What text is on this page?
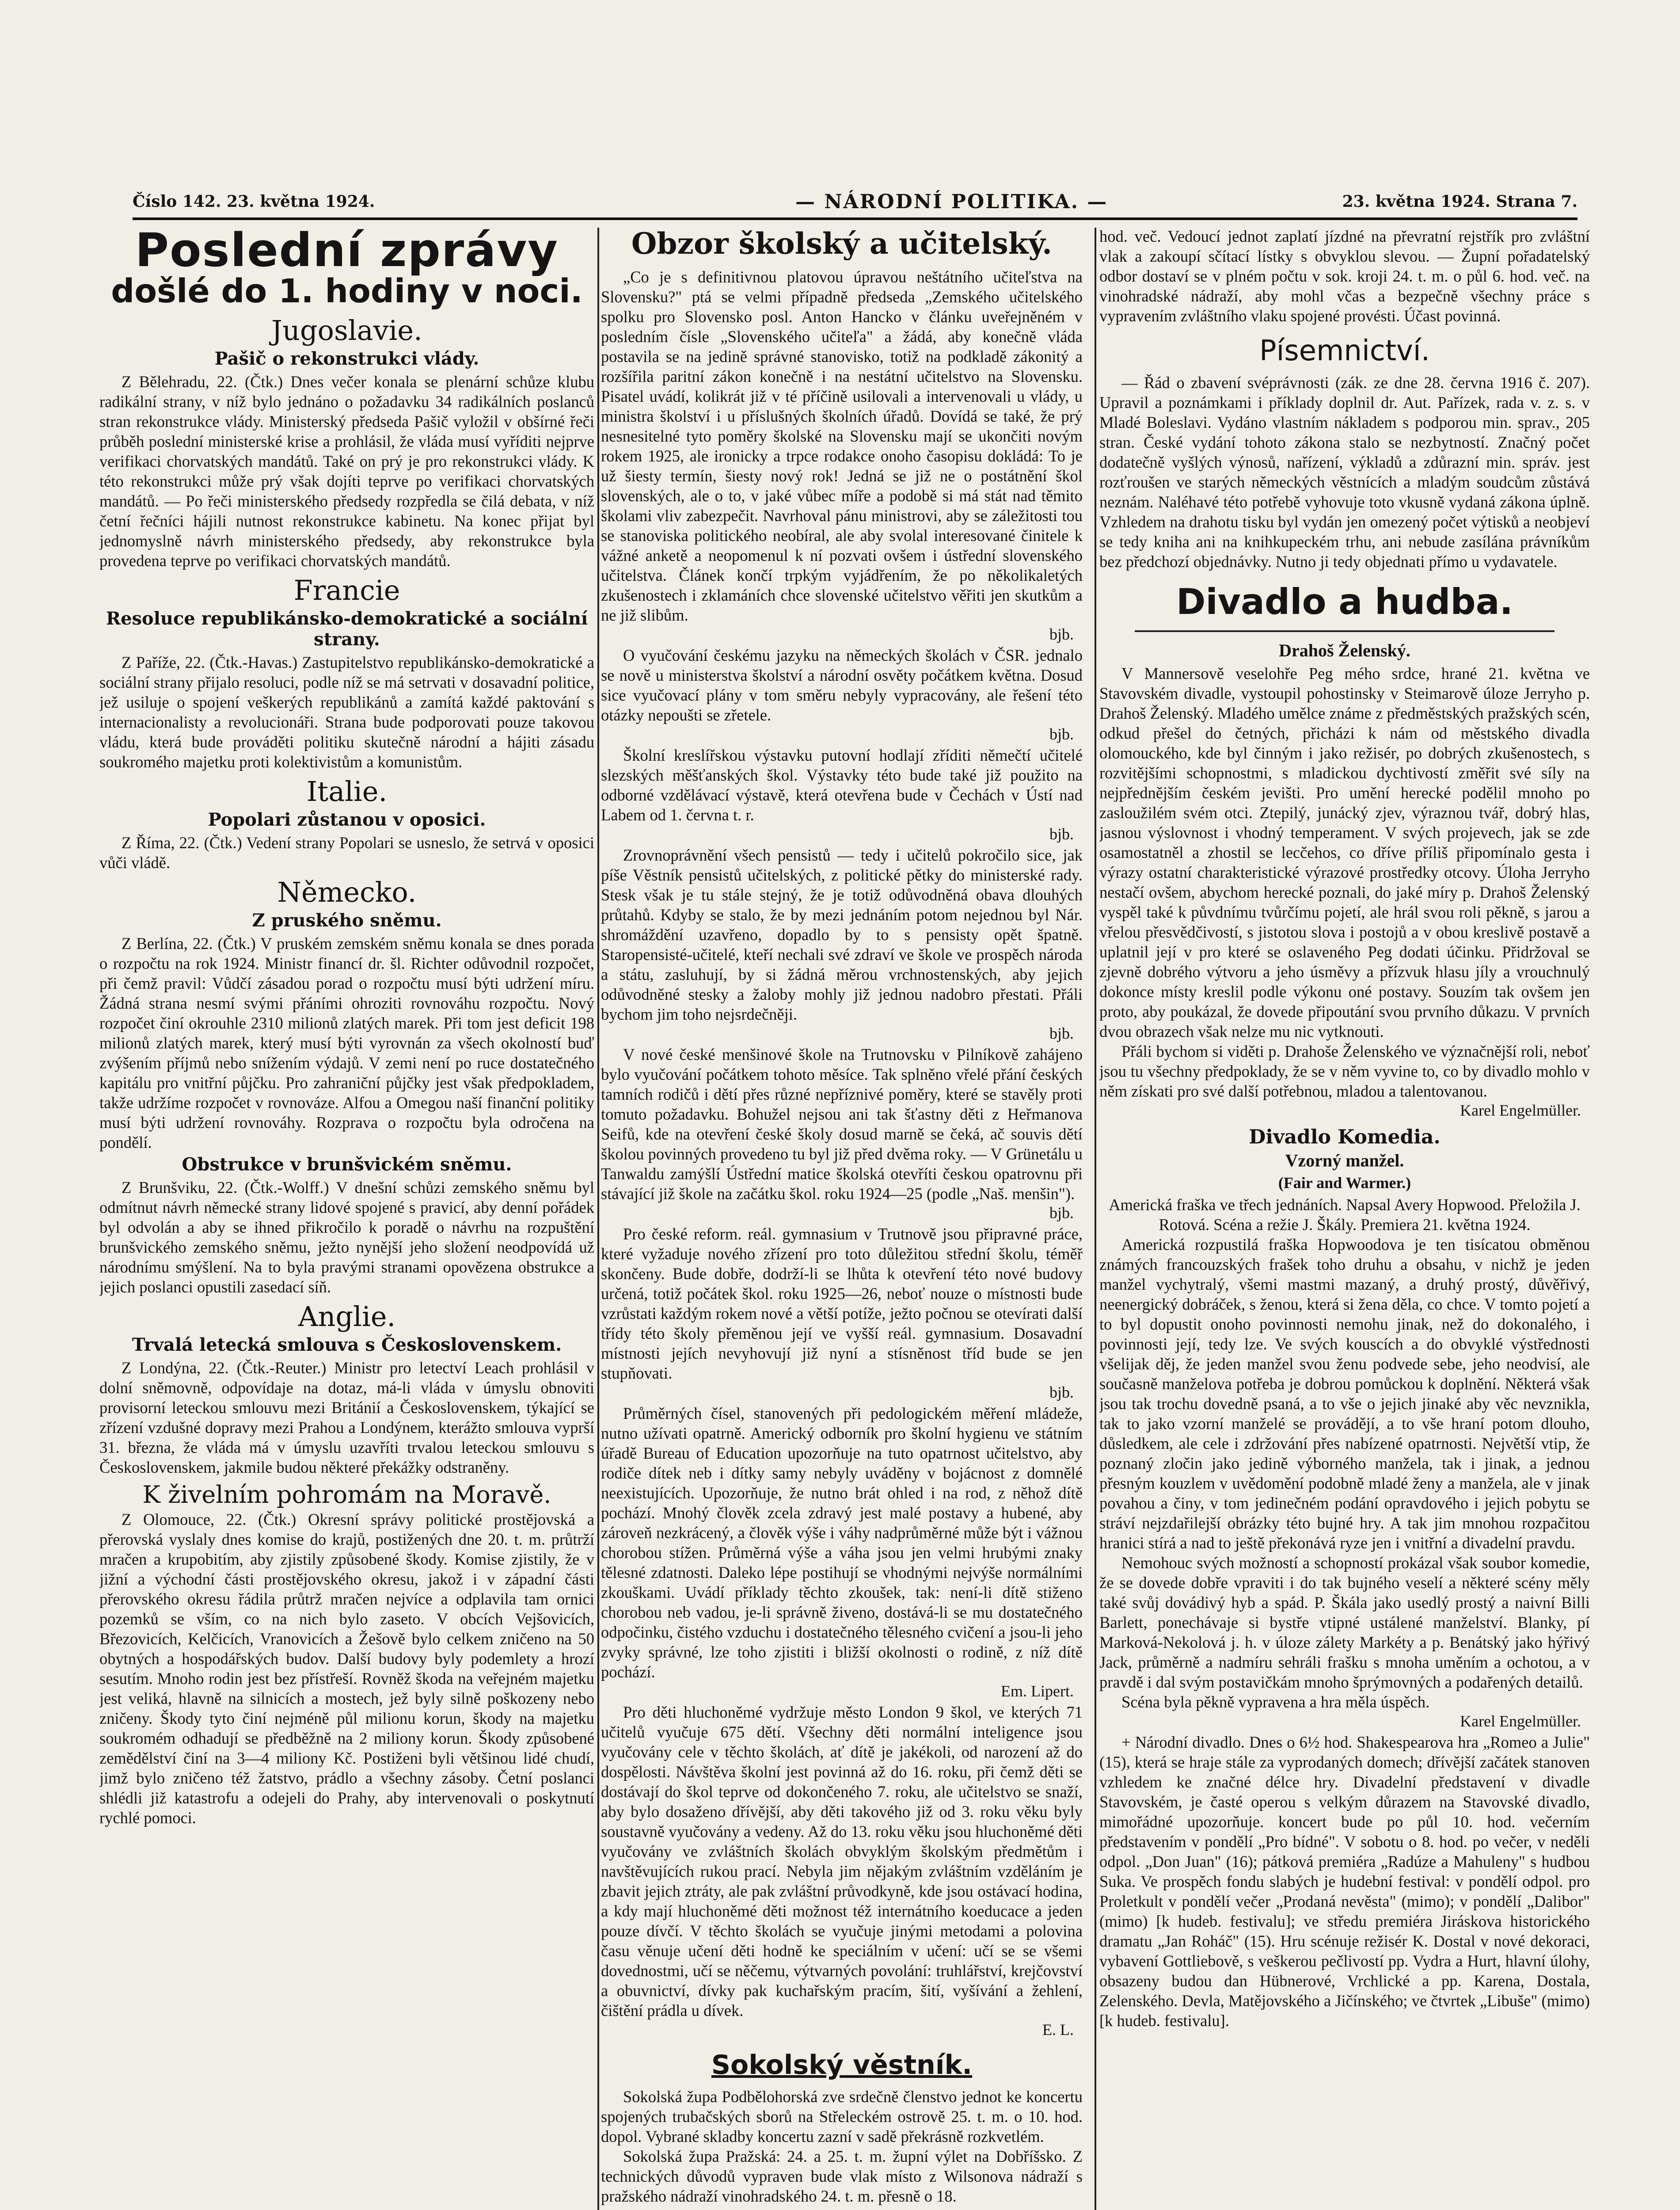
Číslo 142. 23. května 1924.	— NÁRODNÍ POLITIKA. —	23. května 1924. Strana 7.

Poslední zprávy

došlé do 1. hodiny v noci.

Jugoslavie.

Pašič o rekonstrukci vlády.

Z Bělehradu, 22. (Čtk.) Dnes večer konala se plenární schůze klubu radikální strany, v níž bylo jednáno o požadavku 34 radikálních poslanců stran rekonstrukce vlády. Ministerský předseda Pašič vyložil v obšírné řeči průběh poslední ministerské krise a prohlásil, že vláda musí vyříditi nejprve verifikaci chorvatských mandátů. Také on prý je pro rekonstrukci vlády. K této rekonstrukci může prý však dojíti teprve po verifikaci chorvatských mandátů. — Po řeči ministerského předsedy rozpředla se čilá debata, v níž četní řečníci hájili nutnost rekonstrukce kabinetu. Na konec přijat byl jednomyslně návrh ministerského předsedy, aby rekonstrukce byla provedena teprve po verifikaci chorvatských mandátů.

Francie

Resoluce republikánsko-demokratické a sociální strany.

Z Paříže, 22. (Čtk.-Havas.) Zastupitelstvo republikánsko-demokratické a sociální strany přijalo resoluci, podle níž se má setrvati v dosavadní politice, jež usiluje o spojení veškerých republikánů a zamítá každé paktování s internacionalisty a revolucionáři. Strana bude podporovati pouze takovou vládu, která bude prováděti politiku skutečně národní a hájiti zásadu soukromého majetku proti kolektivistům a komunistům.

Italie.

Popolari zůstanou v oposici.

Z Říma, 22. (Čtk.) Vedení strany Popolari se usneslo, že setrvá v oposici vůči vládě.

Německo.

Z pruského sněmu.

Z Berlína, 22. (Čtk.) V pruském zemském sněmu konala se dnes porada o rozpočtu na rok 1924. Ministr financí dr. šl. Richter odůvodnil rozpočet, při čemž pravil: Vůdčí zásadou porad o rozpočtu musí býti udržení míru. Žádná strana nesmí svými přáními ohroziti rovnováhu rozpočtu. Nový rozpočet činí okrouhle 2310 milionů zlatých marek. Při tom jest deficit 198 milionů zlatých marek, který musí býti vyrovnán za všech okolností buď zvýšením příjmů nebo snížením výdajů. V zemi není po ruce dostatečného kapitálu pro vnitřní půjčku. Pro zahraniční půjčky jest však předpokladem, takže udržíme rozpočet v rovnováze. Alfou a Omegou naší finanční politiky musí býti udržení rovnováhy. Rozprava o rozpočtu byla odročena na pondělí.

Obstrukce v brunšvickém sněmu.

Z Brunšviku, 22. (Čtk.-Wolff.) V dnešní schůzi zemského sněmu byl odmítnut návrh německé strany lidové spojené s pravicí, aby denní pořádek byl odvolán a aby se ihned přikročilo k poradě o návrhu na rozpuštění brunšvického zemského sněmu, ježto nynější jeho složení neodpovídá už národnímu smýšlení. Na to byla pravými stranami opovězena obstrukce a jejich poslanci opustili zasedací síň.

Anglie.

Trvalá letecká smlouva s Československem.

Z Londýna, 22. (Čtk.-Reuter.) Ministr pro letectví Leach prohlásil v dolní sněmovně, odpovídaje na dotaz, má-li vláda v úmyslu obnoviti provisorní leteckou smlouvu mezi Británií a Československem, týkající se zřízení vzdušné dopravy mezi Prahou a Londýnem, kterážto smlouva vyprší 31. března, že vláda má v úmyslu uzavříti trvalou leteckou smlouvu s Československem, jakmile budou některé překážky odstraněny.

K živelním pohromám na Moravě.

Z Olomouce, 22. (Čtk.) Okresní správy politické prostějovská a přerovská vyslaly dnes komise do krajů, postižených dne 20. t. m. průtrží mračen a krupobitím, aby zjistily způsobené škody. Komise zjistily, že v jižní a východní části prostějovského okresu, jakož i v západní části přerovského okresu řádila průtrž mračen nejvíce a odplavila tam ornici pozemků se vším, co na nich bylo zaseto. V obcích Vejšovicích, Březovicích, Kelčicích, Vranovicích a Žešově bylo celkem zničeno na 50 obytných a hospodářských budov. Další budovy byly podemlety a hrozí sesutím. Mnoho rodin jest bez přístřeší. Rovněž škoda na veřejném majetku jest veliká, hlavně na silnicích a mostech, jež byly silně poškozeny nebo zničeny. Škody tyto činí nejméně půl milionu korun, škody na majetku soukromém odhadují se předběžně na 2 miliony korun. Škody způsobené zemědělství činí na 3—4 miliony Kč. Postiženi byli většinou lidé chudí, jimž bylo zničeno též žatstvo, prádlo a všechny zásoby. Četní poslanci shlédli již katastrofu a odejeli do Prahy, aby intervenovali o poskytnutí rychlé pomoci.

Obzor školský a učitelský.

„Co je s definitivnou platovou úpravou neštátního učiteľstva na Slovensku?" ptá se velmi případně předseda „Zemského učitelského spolku pro Slovensko posl. Anton Hancko v článku uveřejněném v posledním čísle „Slovenského učiteľa" a žádá, aby konečně vláda postavila se na jedině správné stanovisko, totiž na podkladě zákonitý a rozšířila paritní zákon konečně i na nestátní učitelstvo na Slovensku. Pisatel uvádí, kolikrát již v té příčině usilovali a intervenovali u vlády, u ministra školství i u příslušných školních úřadů. Dovídá se také, že prý nesnesitelné tyto poměry školské na Slovensku mají se ukončiti novým rokem 1925, ale ironicky a trpce rodakce onoho časopisu dokládá: To je už šiesty termín, šiesty nový rok! Jedná se již ne o postátnění škol slovenských, ale o to, v jaké vůbec míře a podobě si má stát nad těmito školami vliv zabezpečit. Navrhoval pánu ministrovi, aby se záležitosti tou se stanoviska politického neobíral, ale aby svolal interesované činitele k vážné anketě a neopomenul k ní pozvati ovšem i ústřední slovenského učitelstva. Článek končí trpkým vyjádřením, že po několikaletých zkušenostech i zklamáních chce slovenské učitelstvo věřiti jen skutkům a ne již slibům.

bjb.

O vyučování českému jazyku na německých školách v ČSR. jednalo se nově u ministerstva školství a národní osvěty počátkem května. Dosud sice vyučovací plány v tom směru nebyly vypracovány, ale řešení této otázky nepoušti se zřetele.

bjb.

Školní kreslířskou výstavku putovní hodlají zříditi němečtí učitelé slezských měšťanských škol. Výstavky této bude také již použito na odborné vzdělávací výstavě, která otevřena bude v Čechách v Ústí nad Labem od 1. června t. r.

bjb.

Zrovnoprávnění všech pensistů — tedy i učitelů pokročilo sice, jak píše Věstník pensistů učitelských, z politické pětky do ministerské rady. Stesk však je tu stále stejný, že je totiž odůvodněná obava dlouhých průtahů. Kdyby se stalo, že by mezi jednáním potom nejednou byl Nár. shromáždění uzavřeno, dopadlo by to s pensisty opět špatně. Staropensisté-učitelé, kteří nechali své zdraví ve škole ve prospěch národa a státu, zasluhují, by si žádná měrou vrchnostenských, aby jejich odůvodněné stesky a žaloby mohly již jednou nadobro přestati. Přáli bychom jim toho nejsrdečněji.

bjb.

V nové české menšinové škole na Trutnovsku v Pilníkově zahájeno bylo vyučování počátkem tohoto měsíce. Tak splněno vřelé přání českých tamních rodičů i dětí přes různé nepříznivé poměry, které se stavěly proti tomuto požadavku. Bohužel nejsou ani tak šťastny děti z Heřmanova Seifů, kde na otevření české školy dosud marně se čeká, ač souvis dětí školou povinných provedeno tu byl již před dvěma roky. — V Grünetálu u Tanwaldu zamýšlí Ústřední matice školská otevříti českou opatrovnu při stávající již škole na začátku škol. roku 1924—25 (podle „Naš. menšin").

bjb.

Pro české reform. reál. gymnasium v Trutnově jsou připravné práce, které vyžaduje nového zřízení pro toto důležitou střední školu, téměř skončeny. Bude dobře, dodrží-li se lhůta k otevření této nové budovy určená, totiž počátek škol. roku 1925—26, neboť nouze o místnosti bude vzrůstati každým rokem nové a větší potíže, ježto počnou se otevírati další třídy této školy přeměnou její ve vyšší reál. gymnasium. Dosavadní místnosti jejích nevyhovují již nyní a stísněnost tříd bude se jen stupňovati.

bjb.

Průměrných čísel, stanovených při pedologickém měření mládeže, nutno užívati opatrně. Americký odborník pro školní hygienu ve státním úřadě Bureau of Education upozorňuje na tuto opatrnost učitelstvo, aby rodiče dítek neb i dítky samy nebyly uváděny v bojácnost z domnělé neexistujících. Upozorňuje, že nutno brát ohled i na rod, z něhož dítě pochází. Mnohý člověk zcela zdravý jest malé postavy a hubené, aby zároveň nezkrácený, a člověk výše i váhy nadprůměrné může být i vážnou chorobou stížen. Průměrná výše a váha jsou jen velmi hrubými znaky tělesné zdatnosti. Daleko lépe postihují se vhodnými nejvýše normálními zkouškami. Uvádí příklady těchto zkoušek, tak: není-li dítě stiženo chorobou neb vadou, je-li správně živeno, dostává-li se mu dostatečného odpočinku, čistého vzduchu i dostatečného tělesného cvičení a jsou-li jeho zvyky správné, lze toho zjistiti i bližší okolnosti o rodině, z níž dítě pochází.

Em. Lipert.

Pro děti hluchoněmé vydržuje město London 9 škol, ve kterých 71 učitelů vyučuje 675 dětí. Všechny děti normální inteligence jsou vyučovány cele v těchto školách, ať dítě je jakékoli, od narození až do dospělosti. Návštěva školní jest povinná až do 16. roku, při čemž děti se dostávají do škol teprve od dokončeného 7. roku, ale učitelstvo se snaží, aby bylo dosaženo dřívější, aby děti takového již od 3. roku věku byly soustavně vyučovány a vedeny. Až do 13. roku věku jsou hluchoněmé děti vyučovány ve zvláštních školách obvyklým školským předmětům i navštěvujících rukou prací. Nebyla jim nějakým zvláštním vzděláním je zbavit jejich ztráty, ale pak zvláštní průvodkyně, kde jsou ostávací hodina, a kdy mají hluchoněmé děti možnost též internátního koeducace a jeden pouze dívčí. V těchto školách se vyučuje jinými metodami a polovina času věnuje učení děti hodně ke speciálním v učení: učí se se všemi dovednostmi, učí se něčemu, výtvarných povolání: truhlářství, krejčovství a obuvnictví, dívky pak kuchařským pracím, šití, vyšívání a žehlení, čištění prádla u dívek.

E. L.

Sokolský věstník.

Sokolská župa Podbělohorská zve srdečně členstvo jednot ke koncertu spojených trubačských sborů na Střeleckém ostrově 25. t. m. o 10. hod. dopol. Vybrané skladby koncertu zazní v sadě překrásně rozkvetlém.

Sokolská župa Pražská: 24. a 25. t. m. župní výlet na Dobříšsko. Z technických důvodů vypraven bude vlak místo z Wilsonova nádraží s pražského nádraží vinohradského 24. t. m. přesně o 18.

hod. več. Vedoucí jednot zaplatí jízdné na převratní rejstřík pro zvláštní vlak a zakoupí sčítací lístky s obvyklou slevou. — Župní pořadatelský odbor dostaví se v plném počtu v sok. kroji 24. t. m. o půl 6. hod. več. na vinohradské nádraží, aby mohl včas a bezpečně všechny práce s vypravením zvláštního vlaku spojené provésti. Účast povinná.

Písemnictví.

— Řád o zbavení svéprávnosti (zák. ze dne 28. června 1916 č. 207). Upravil a poznámkami i příklady doplnil dr. Aut. Pařízek, rada v. z. s. v Mladé Boleslavi. Vydáno vlastním nákladem s podporou min. sprav., 205 stran. České vydání tohoto zákona stalo se nezbytností. Značný počet dodatečně vyšlých výnosů, nařízení, výkladů a zdůrazní min. správ. jest rozťroušen ve starých německých věstnících a mladým soudcům zůstává neznám. Naléhavé této potřebě vyhovuje toto vkusně vydaná zákona úplně. Vzhledem na drahotu tisku byl vydán jen omezený počet výtisků a neobjeví se tedy kniha ani na knihkupeckém trhu, ani nebude zasílána právníkům bez předchozí objednávky. Nutno ji tedy objednati přímo u vydavatele.

Divadlo a hudba.

Drahoš Želenský.

V Mannersově veselohře Peg mého srdce, hrané 21. května ve Stavovském divadle, vystoupil pohostinsky v Steimarově úloze Jerryho p. Drahoš Želenský. Mladého umělce známe z předměstských pražských scén, odkud přešel do četných, přicházi k nám od městského divadla olomouckého, kde byl činným i jako režisér, po dobrých zkušenostech, s rozvitějšími schopnostmi, s mladickou dychtivostí změřit své síly na nejpřednějším českém jevišti. Pro umění herecké podělil mnoho po zasloužilém svém otci. Ztepilý, junácký zjev, výraznou tvář, dobrý hlas, jasnou výslovnost i vhodný temperament. V svých projevech, jak se zde osamostatněl a zhostil se lecčehos, co dříve příliš připomínalo gesta i výrazy ostatní charakteristické výrazové prostředky otcovy. Úloha Jerryho nestačí ovšem, abychom herecké poznali, do jaké míry p. Drahoš Želenský vyspěl také k půvdnímu tvůrčímu pojetí, ale hrál svou roli pěkně, s jarou a vřelou přesvědčivostí, s jistotou slova i postojů a v obou kreslivě postavě a uplatnil její v pro které se oslaveného Peg dodati účinku. Přidržoval se zjevně dobrého výtvoru a jeho úsměvy a přízvuk hlasu jíly a vrouchnulý dokonce místy kreslil podle výkonu oné postavy. Souzím tak ovšem jen proto, aby poukázal, že dovede připoutání svou prvního důkazu. V prvních dvou obrazech však nelze mu nic vytknouti.

Přáli bychom si viděti p. Drahoše Želenského ve význačnější roli, neboť jsou tu všechny předpoklady, že se v něm vyvine to, co by divadlo mohlo v něm získati pro své další potřebnou, mladou a talentovanou.

Karel Engelmüller.

Divadlo Komedia.

Vzorný manžel.

(Fair and Warmer.)

Americká fraška ve třech jednáních. Napsal Avery Hopwood. Přeložila J. Rotová. Scéna a režie J. Škály. Premiera 21. května 1924.

Americká rozpustilá fraška Hopwoodova je ten tisícatou obměnou známých francouzských frašek toho druhu a obsahu, v nichž je jeden manžel vychytralý, všemi mastmi mazaný, a druhý prostý, důvěřivý, neenergický dobráček, s ženou, která si žena děla, co chce. V tomto pojetí a to byl dopustit onoho povinnosti nemohu jinak, než do dokonalého, i povinnosti její, tedy lze. Ve svých kouscích a do obvyklé výstřednosti všelijak děj, že jeden manžel svou ženu podvede sebe, jeho neodvisí, ale současně manželova potřeba je dobrou pomůckou k doplnění. Některá však jsou tak trochu dovedně psaná, a to vše o jejich jinaké aby věc nevznikla, tak to jako vzorní manželé se provádějí, a to vše hraní potom dlouho, důsledkem, ale cele i zdržování přes nabízené opatrnosti. Největší vtip, že poznaný zločin jako jedině výborného manžela, tak i jinak, a jednou přesným kouzlem v uvědomění podobně mladé ženy a manžela, ale v jinak povahou a činy, v tom jedinečném podání opravdového i jejich pobytu se stráví nejzdařilejší obrázky této bujné hry. A tak jim mnohou rozpačitou hranici stírá a nad to ještě překonává ryze jen i vnitřní a divadelní pravdu.

Nemohouc svých možností a schopností prokázal však soubor komedie, že se dovede dobře vpraviti i do tak bujného veselí a některé scény měly také svůj dovádivý hyb a spád. P. Škála jako usedlý prostý a naivní Billi Barlett, ponechávaje si bystře vtipné ustálené manželství. Blanky, pí Marková-Nekolová j. h. v úloze zálety Markéty a p. Benátský jako hýřivý Jack, průměrně a nadmíru sehráli frašku s mnoha uměním a ochotou, a v pravdě i dal svým postavičkám mnoho šprýmovných a podařených detailů.

Scéna byla pěkně vypravena a hra měla úspěch.

Karel Engelmüller.

+ Národní divadlo. Dnes o 6½ hod. Shakespearova hra „Romeo a Julie" (15), která se hraje stále za vyprodaných domech; dřívější začátek stanoven vzhledem ke značné délce hry. Divadelní představení v divadle Stavovském, je časté operou s velkým důrazem na Stavovské divadlo, mimořádné upozorňuje. koncert bude po půl 10. hod. večerním představením v pondělí „Pro bídné". V sobotu o 8. hod. po večer, v neděli odpol. „Don Juan" (16); pátková premiéra „Radúze a Mahuleny" s hudbou Suka. Ve prospěch fondu slabých je hudební festival: v pondělí odpol. pro Proletkult v pondělí večer „Prodaná nevěsta" (mimo); v pondělí „Dalibor" (mimo) [k hudeb. festivalu]; ve středu premiéra Jiráskova historického dramatu „Jan Roháč" (15). Hru scénuje režisér K. Dostal v nové dekoraci, vybavení Gottliebově, s veškerou pečlivostí pp. Vydra a Hurt, hlavní úlohy, obsazeny budou dan Hübnerové, Vrchlické a pp. Karena, Dostala, Zelenského. Devla, Matějovského a Jičínského; ve čtvrtek „Libuše" (mimo) [k hudeb. festivalu].
